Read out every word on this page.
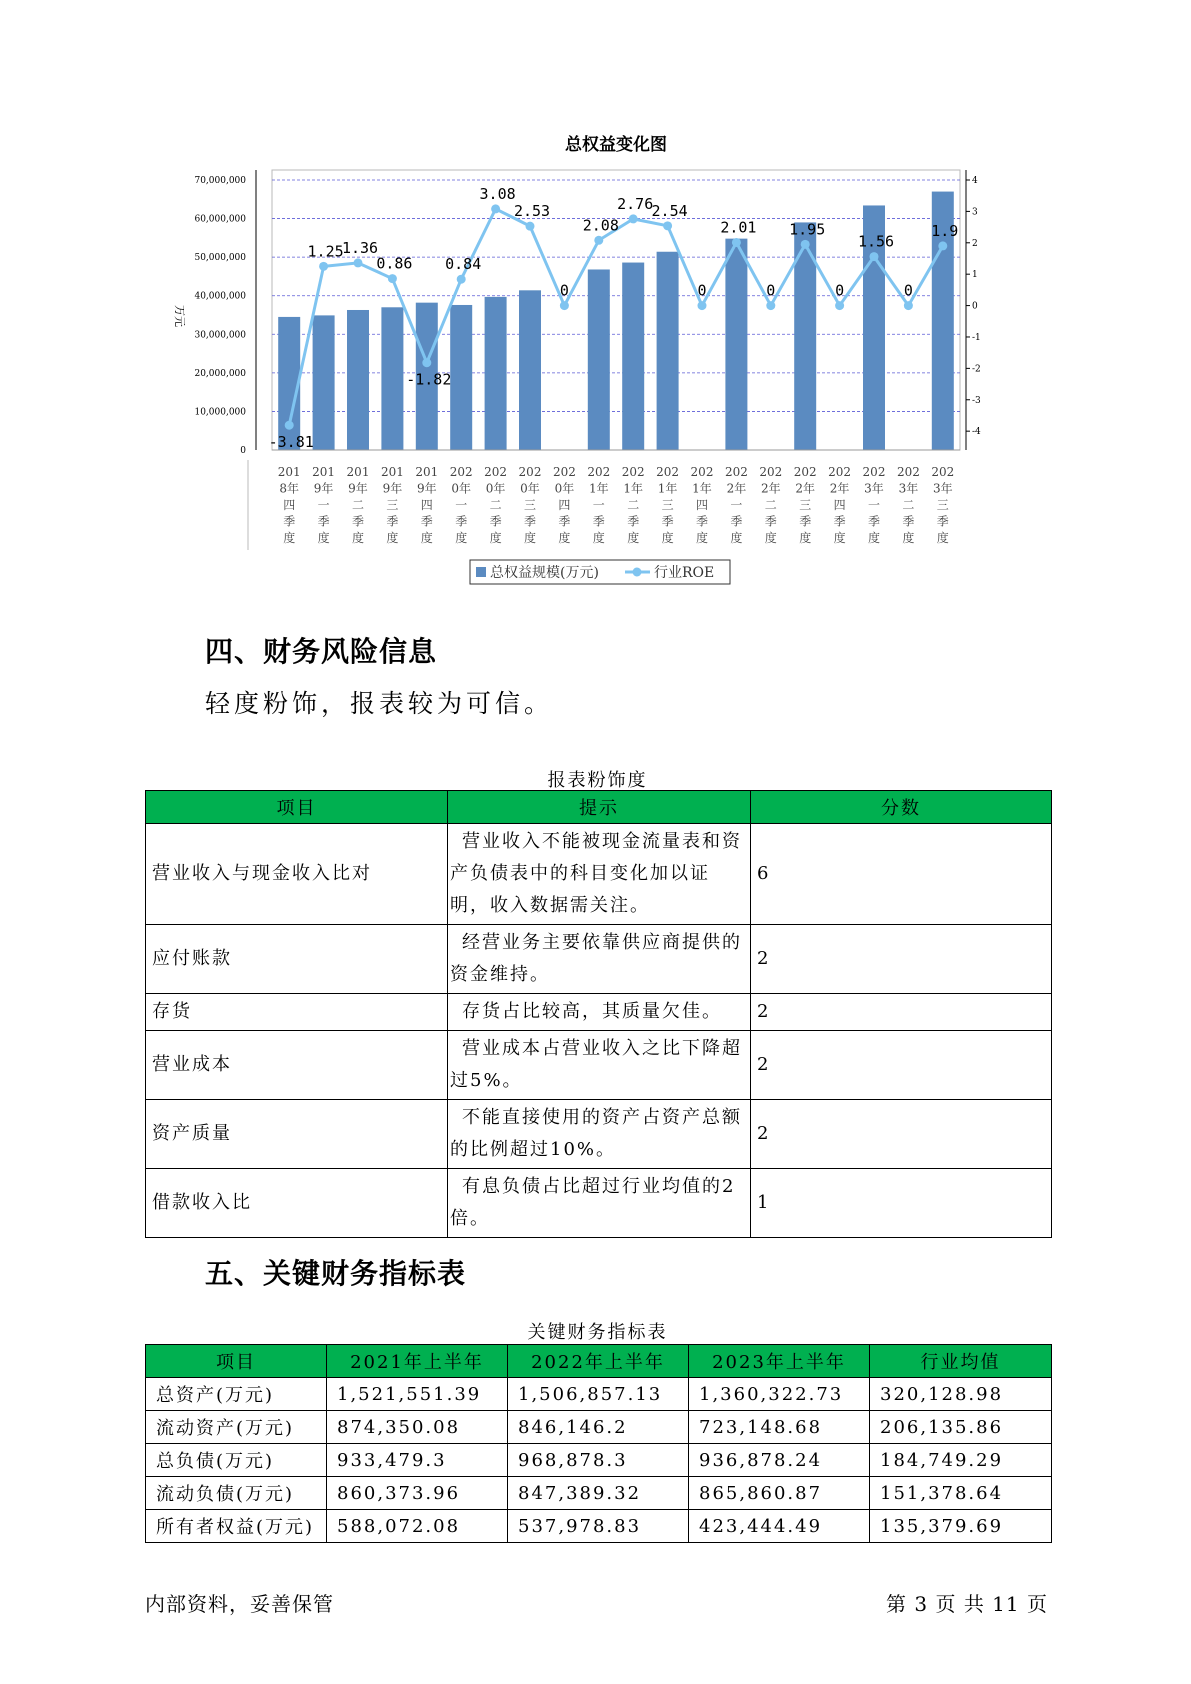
总权益变化图
0
10,000,000
20,000,000
30,000,000
40,000,000
50,000,000
60,000,000
70,000,000
万元
4
3
2
1
0
-1
-2
-3
-4
201 8年四季度
201 9年一季度
201 9年二季度
201 9年三季度
201 9年四季度
202 0年一季度
202 0年二季度
202 0年三季度
202 0年四季度
202 1年一季度
202 1年二季度
202 1年三季度
202 1年四季度
202 2年一季度
202 2年二季度
202 2年三季度
202 2年四季度
202 3年一季度
202 3年二季度
202 3年三季度
-3.81
1.25
1.36
0.86
-1.82
0.84
3.08
2.53
0
2.08
2.76
2.54
0
2.01
0
1.95
0
1.56
0
1.9
总权益规模(万元)	行业ROE
四、财务风险信息

轻度粉饰，报表较为可信。

报表粉饰度
项目	提示	分数
营业收入与现金收入比对	营业收入不能被现金流量表和资产负债表中的科目变化加以证明，收入数据需关注。	6
应付账款	经营业务主要依靠供应商提供的资金维持。	2
存货	存货占比较高，其质量欠佳。	2
营业成本	营业成本占营业收入之比下降超过5%。	2
资产质量	不能直接使用的资产占资产总额的比例超过10%。	2
借款收入比	有息负债占比超过行业均值的2倍。	1
五、关键财务指标表
关键财务指标表
项目	2021年上半年	2022年上半年	2023年上半年	行业均值
总资产(万元)	1,521,551.39	1,506,857.13	1,360,322.73	320,128.98
流动资产(万元)	874,350.08	846,146.2	723,148.68	206,135.86
总负债(万元)	933,479.3	968,878.3	936,878.24	184,749.29
流动负债(万元)	860,373.96	847,389.32	865,860.87	151,378.64
所有者权益(万元)	588,072.08	537,978.83	423,444.49	135,379.69
内部资料，妥善保管	第 3 页 共 11 页
